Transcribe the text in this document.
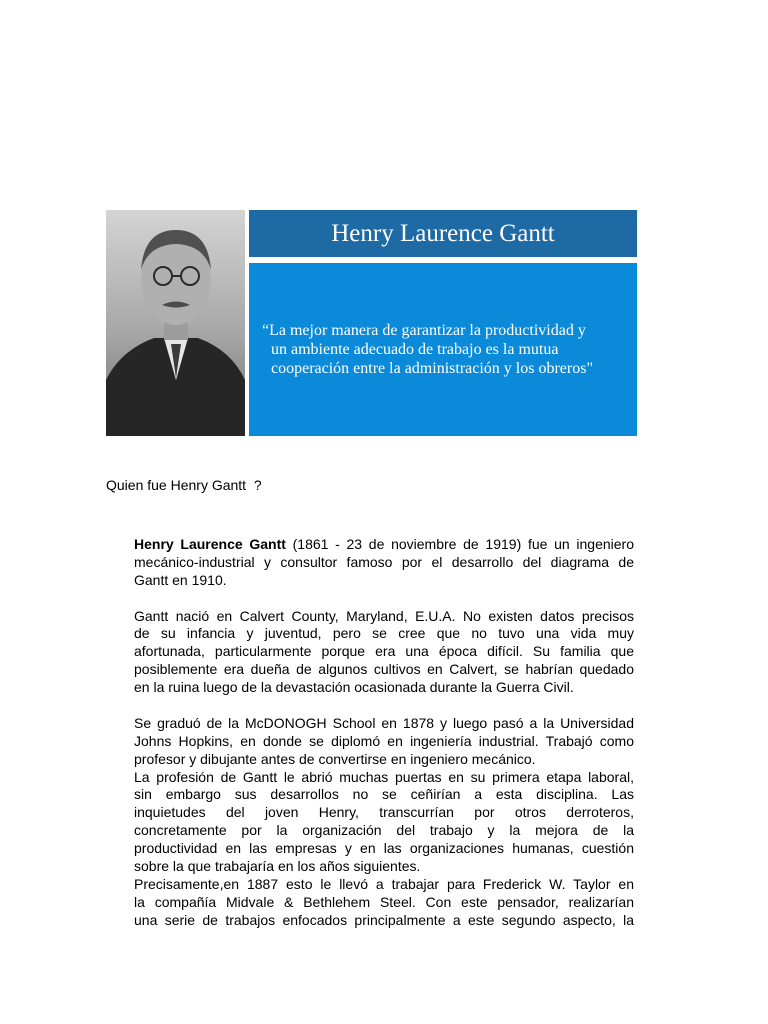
Henry Laurence Gantt
“La mejor manera de garantizar la productividad y
un ambiente adecuado de trabajo es la mutua
cooperación entre la administración y los obreros"
Quien fue Henry Gantt  ?
Henry Laurence Gantt (1861 - 23 de noviembre de 1919) fue un ingeniero
mecánico-industrial y consultor famoso por el desarrollo del diagrama de
Gantt en 1910.
Gantt nació en Calvert County, Maryland, E.U.A. No existen datos precisos
de su infancia y juventud, pero se cree que no tuvo una vida muy
afortunada, particularmente porque era una época difícil. Su familia que
posiblemente era dueña de algunos cultivos en Calvert, se habrían quedado
en la ruina luego de la devastación ocasionada durante la Guerra Civil.
Se graduó de la McDONOGH School en 1878 y luego pasó a la Universidad
Johns Hopkins, en donde se diplomó en ingeniería industrial. Trabajó como
profesor y dibujante antes de convertirse en ingeniero mecánico.
La profesión de Gantt le abrió muchas puertas en su primera etapa laboral,
sin embargo sus desarrollos no se ceñirían a esta disciplina. Las
inquietudes del joven Henry, transcurrían por otros derroteros,
concretamente por la organización del trabajo y la mejora de la
productividad en las empresas y en las organizaciones humanas, cuestión
sobre la que trabajaría en los años siguientes.
Precisamente,en 1887 esto le llevó a trabajar para Frederick W. Taylor en
la compañía Midvale & Bethlehem Steel. Con este pensador, realizarían
una serie de trabajos enfocados principalmente a este segundo aspecto, la
